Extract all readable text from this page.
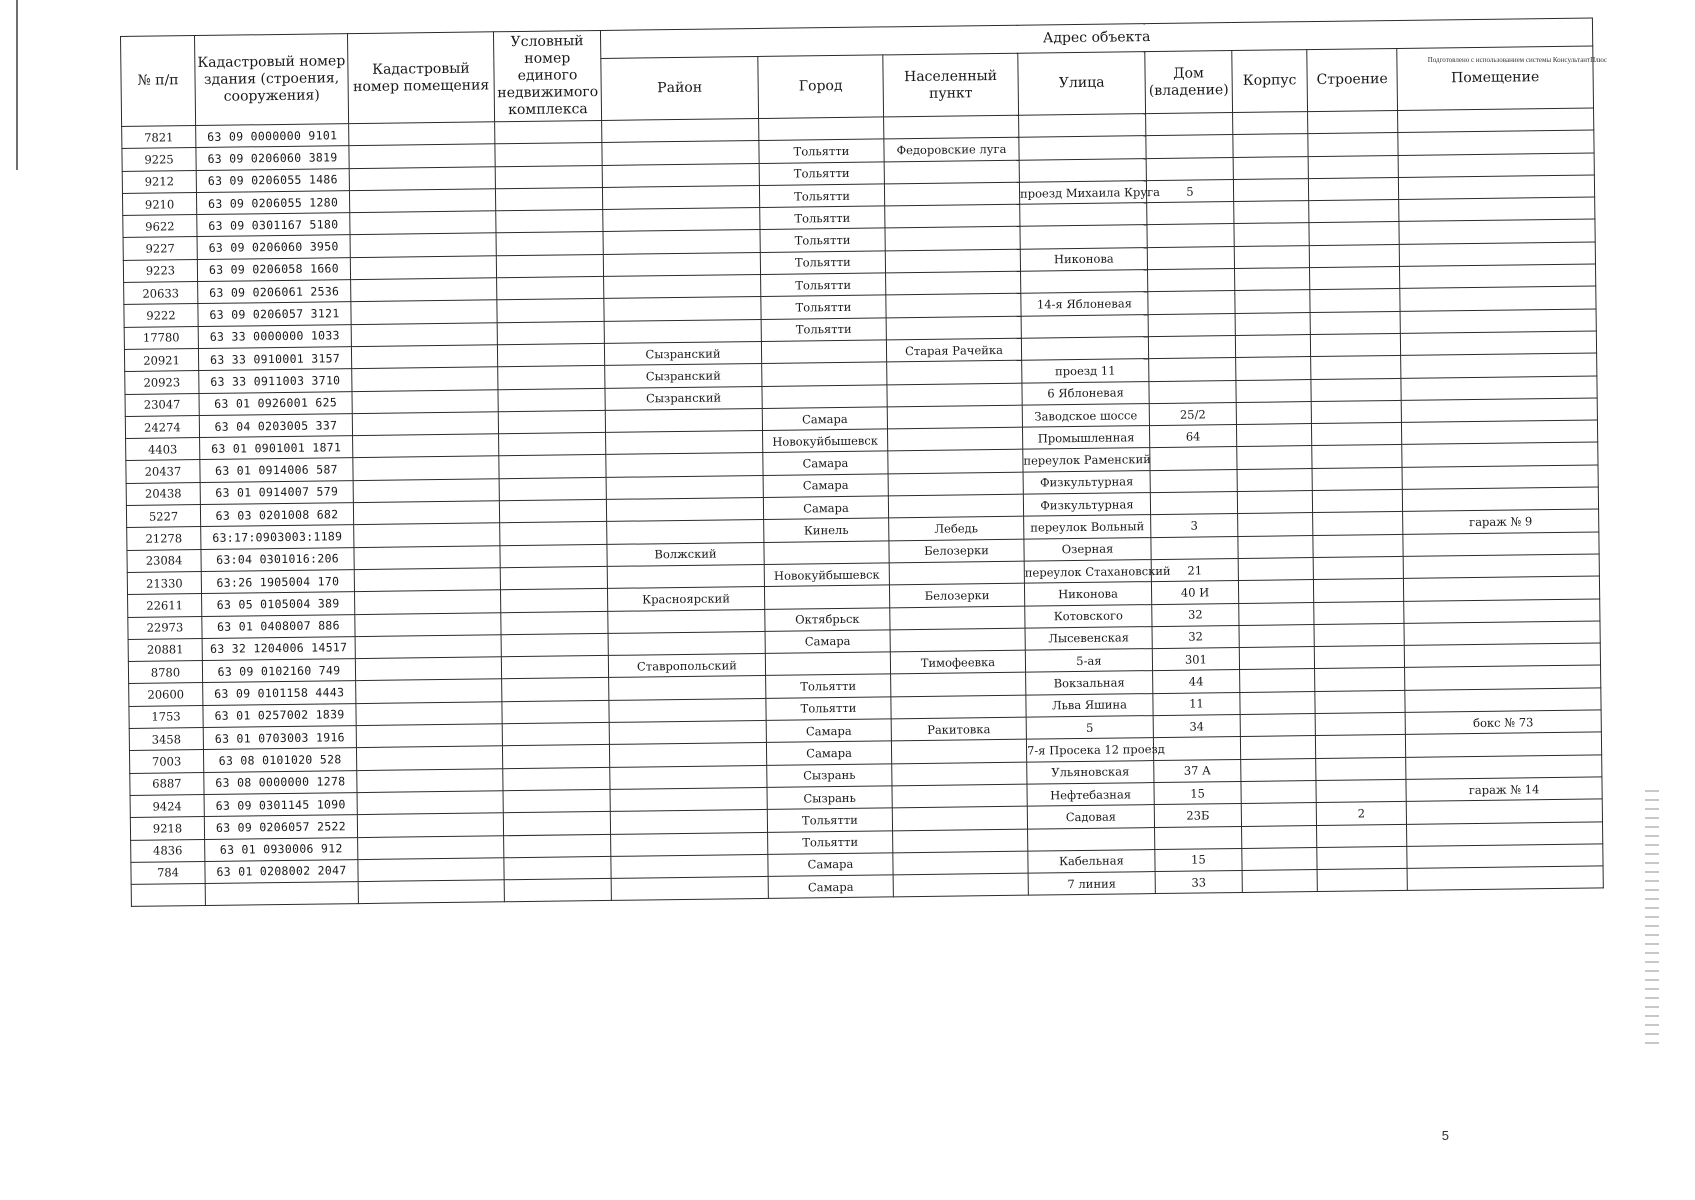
Подготовлено с использованием системы КонсультантПлюс
№ п/п	Кадастровый номер здания (строения, сооружения)	Кадастровый номер помещения	Условный номер единого недвижимого комплекса	Адрес объекта							
				Район	Город	Населенный пункт	Улица	Дом (владение)	Корпус	Строение	Помещение
7821	63 09 0000000 9101										
9225	63 09 0206060 3819				Тольятти	Федоровские луга					
9212	63 09 0206055 1486				Тольятти						
9210	63 09 0206055 1280				Тольятти		проезд Михаила Круга	5			
9622	63 09 0301167 5180				Тольятти						
9227	63 09 0206060 3950				Тольятти						
9223	63 09 0206058 1660				Тольятти		Никонова				
20633	63 09 0206061 2536				Тольятти						
9222	63 09 0206057 3121				Тольятти		14-я Яблоневая				
17780	63 33 0000000 1033				Тольятти						
20921	63 33 0910001 3157			Сызранский		Старая Рачейка					
20923	63 33 0911003 3710			Сызранский			проезд 11				
23047	63 01 0926001 625			Сызранский			6 Яблоневая				
24274	63 04 0203005 337				Самара		Заводское шоссе	25/2			
4403	63 01 0901001 1871				Новокуйбышевск		Промышленная	64			
20437	63 01 0914006 587				Самара		переулок Раменский				
20438	63 01 0914007 579				Самара		Физкультурная				
5227	63 03 0201008 682				Самара		Физкультурная				
21278	63:17:0903003:1189				Кинель	Лебедь	переулок Вольный	3			гараж № 9
23084	63:04 0301016:206			Волжский		Белозерки	Озерная				
21330	63:26 1905004 170				Новокуйбышевск		переулок Стахановский	21			
22611	63 05 0105004 389			Красноярский		Белозерки	Никонова	40 И			
22973	63 01 0408007 886				Октябрьск		Котовского	32			
20881	63 32 1204006 14517				Самара		Лысевенская	32			
8780	63 09 0102160 749			Ставропольский		Тимофеевка	5-ая	301			
20600	63 09 0101158 4443				Тольятти		Вокзальная	44			
1753	63 01 0257002 1839				Тольятти		Льва Яшина	11			
3458	63 01 0703003 1916				Самара	Ракитовка	5	34			бокс № 73
7003	63 08 0101020 528				Самара		7-я Просека 12 проезд				
6887	63 08 0000000 1278				Сызрань		Ульяновская	37 А			
9424	63 09 0301145 1090				Сызрань		Нефтебазная	15			гараж № 14
9218	63 09 0206057 2522				Тольятти		Садовая	23Б		2	
4836	63 01 0930006 912				Тольятти						
784	63 01 0208002 2047				Самара		Кабельная	15			
					Самара		7 линия	33			
5
